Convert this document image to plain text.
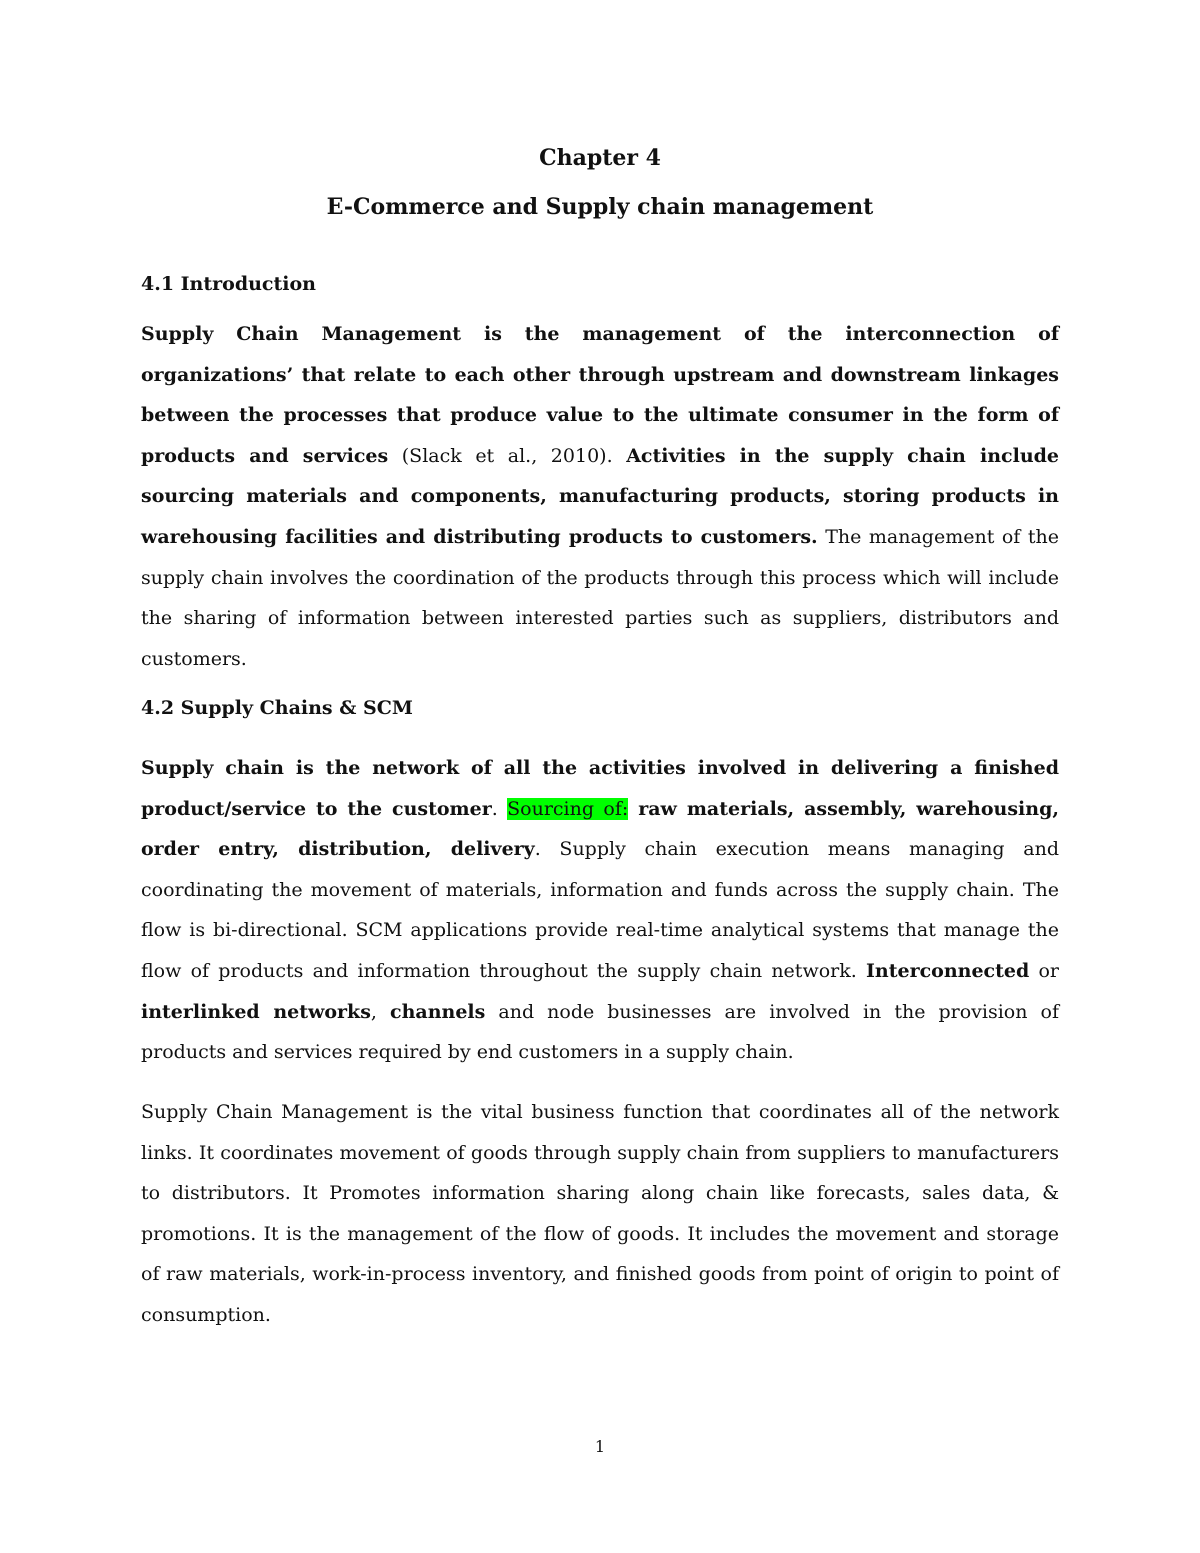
Chapter 4
E-Commerce and Supply chain management
4.1 Introduction
Supply Chain Management is the management of the interconnection of organizations’ that relate to each other through upstream and downstream linkages between the processes that produce value to the ultimate consumer in the form of products and services (Slack et al., 2010). Activities in the supply chain include sourcing materials and components, manufacturing products, storing products in warehousing facilities and distributing products to customers. The management of the supply chain involves the coordination of the products through this process which will include the sharing of information between interested parties such as suppliers, distributors and customers.
4.2 Supply Chains & SCM
Supply chain is the network of all the activities involved in delivering a finished product/service to the customer. Sourcing of: raw materials, assembly, warehousing, order entry, distribution, delivery. Supply chain execution means managing and coordinating the movement of materials, information and funds across the supply chain. The flow is bi-directional. SCM applications provide real-time analytical systems that manage the flow of products and information throughout the supply chain network. Interconnected or interlinked networks, channels and node businesses are involved in the provision of products and services required by end customers in a supply chain.
Supply Chain Management is the vital business function that coordinates all of the network links. It coordinates movement of goods through supply chain from suppliers to manufacturers to distributors. It Promotes information sharing along chain like forecasts, sales data, & promotions. It is the management of the flow of goods. It includes the movement and storage of raw materials, work-in-process inventory, and finished goods from point of origin to point of consumption.
1
